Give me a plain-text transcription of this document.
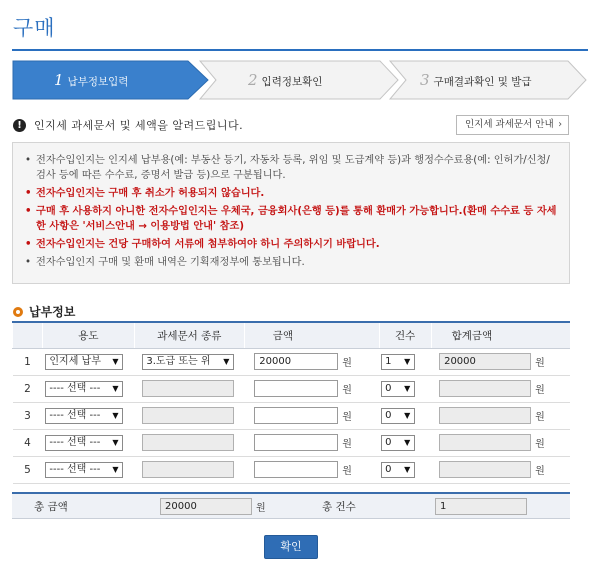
구매
1 납부정보입력	2 입력정보확인	3 구매결과확인 및 발급
!	인지세 과세문서 및 세액을 알려드립니다.	인지세 과세문서 안내 ›
• 전자수입인지는 인지세 납부용(예: 부동산 등기, 자동차 등록, 위임 및 도급계약 등)과 행정수수료용(예: 인허가/신청/검사 등에 따른 수수료, 증명서 발급 등)으로 구분됩니다.
• 전자수입인지는 구매 후 취소가 허용되지 않습니다.
• 구매 후 사용하지 아니한 전자수입인지는 우체국, 금융회사(은행 등)를 통해 환매가 가능합니다.(환매 수수료 등 자세한 사항은 '서비스안내 → 이용방법 안내' 참조)
• 전자수입인지는 건당 구매하여 서류에 첨부하여야 하니 주의하시기 바랍니다.
• 전자수입인지 구매 및 환매 내역은 기획재정부에 통보됩니다.
납부정보
	용도	과세문서 종류	금액	건수	합계금액
1	인지세 납부 ▼	3.도급 또는 위 ▼	20000 원	1 ▼	20000 원

2	---- 선택 --- ▼		원	0 ▼	원

3	---- 선택 --- ▼		원	0 ▼	원

4	---- 선택 --- ▼		원	0 ▼	원

5	---- 선택 --- ▼		원	0 ▼	원
총 금액	20000	원	총 건수	1
확인
